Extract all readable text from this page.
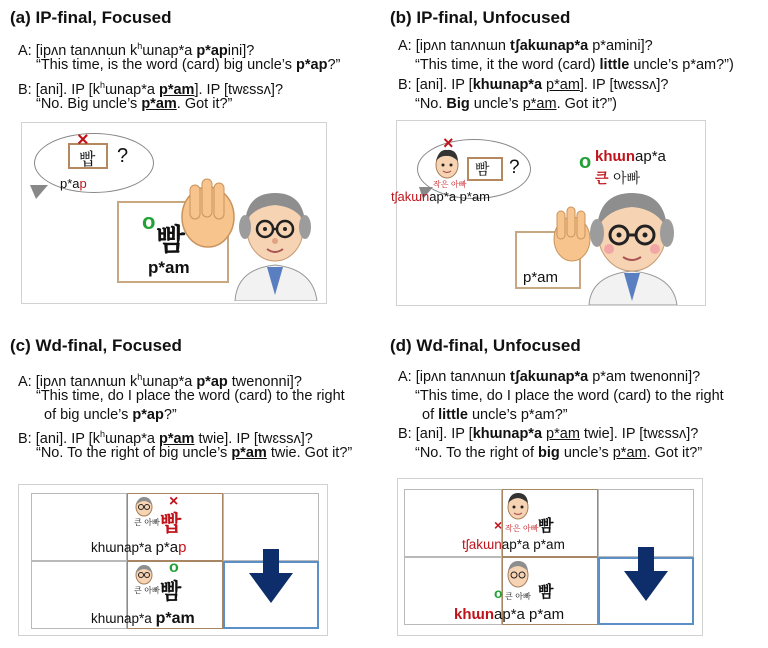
(a) IP-final, Focused
A: [ipʌn tanʌnɯn $k^hɯnap*a$ p*apini]?
“This time, is the word (card) big uncle’s p*ap?”
B: [ani]. IP [$k^hɯnap*a$ p*am]. IP [twɛssʌ]?
“No. Big uncle’s p*am. Got it?”
빱
×
?
p*ap
o
빰
p*am
(b) IP-final, Unfocused
A: [ipʌn tanʌnɯn tʃakɯnap*a p*amini]?
“This time, it the word (card) little uncle’s p*am?”)
B: [ani]. IP [khɯnap*a p*am]. IP [twɛssʌ]?
“No. Big uncle’s p*am. Got it?”)
×
작은 아빠
빰 ?
tʃakɯnap*a p*am
o khɯnap*a
큰 아빠
p*am
(c) Wd-final, Focused
A: [ipʌn tanʌnɯn $k^hɯnap*a$ p*ap twenonni]?
“This time, do I place the word (card) to the right
of big uncle’s p*ap?”
B: [ani]. IP [$k^hɯnap*a$ p*am twie]. IP [twɛssʌ]?
“No. To the right of big uncle’s p*am twie. Got it?”
큰 아빠
×
빱
khɯnap*a p*ap
큰 아빠
o
빰
khɯnap*a p*am
(d) Wd-final, Unfocused
A: [ipʌn tanʌnɯn tʃakɯnap*a p*am twenonni]?
“This time, do I place the word (card) to the right
of little uncle’s p*am?”
B: [ani]. IP [khɯnap*a p*am twie]. IP [twɛssʌ]?
“No. To the right of big uncle’s p*am. Got it?”
× 작은 아빠 빰
tʃakɯnap*a p*am
o 큰 아빠 빰
khɯnap*a p*am
